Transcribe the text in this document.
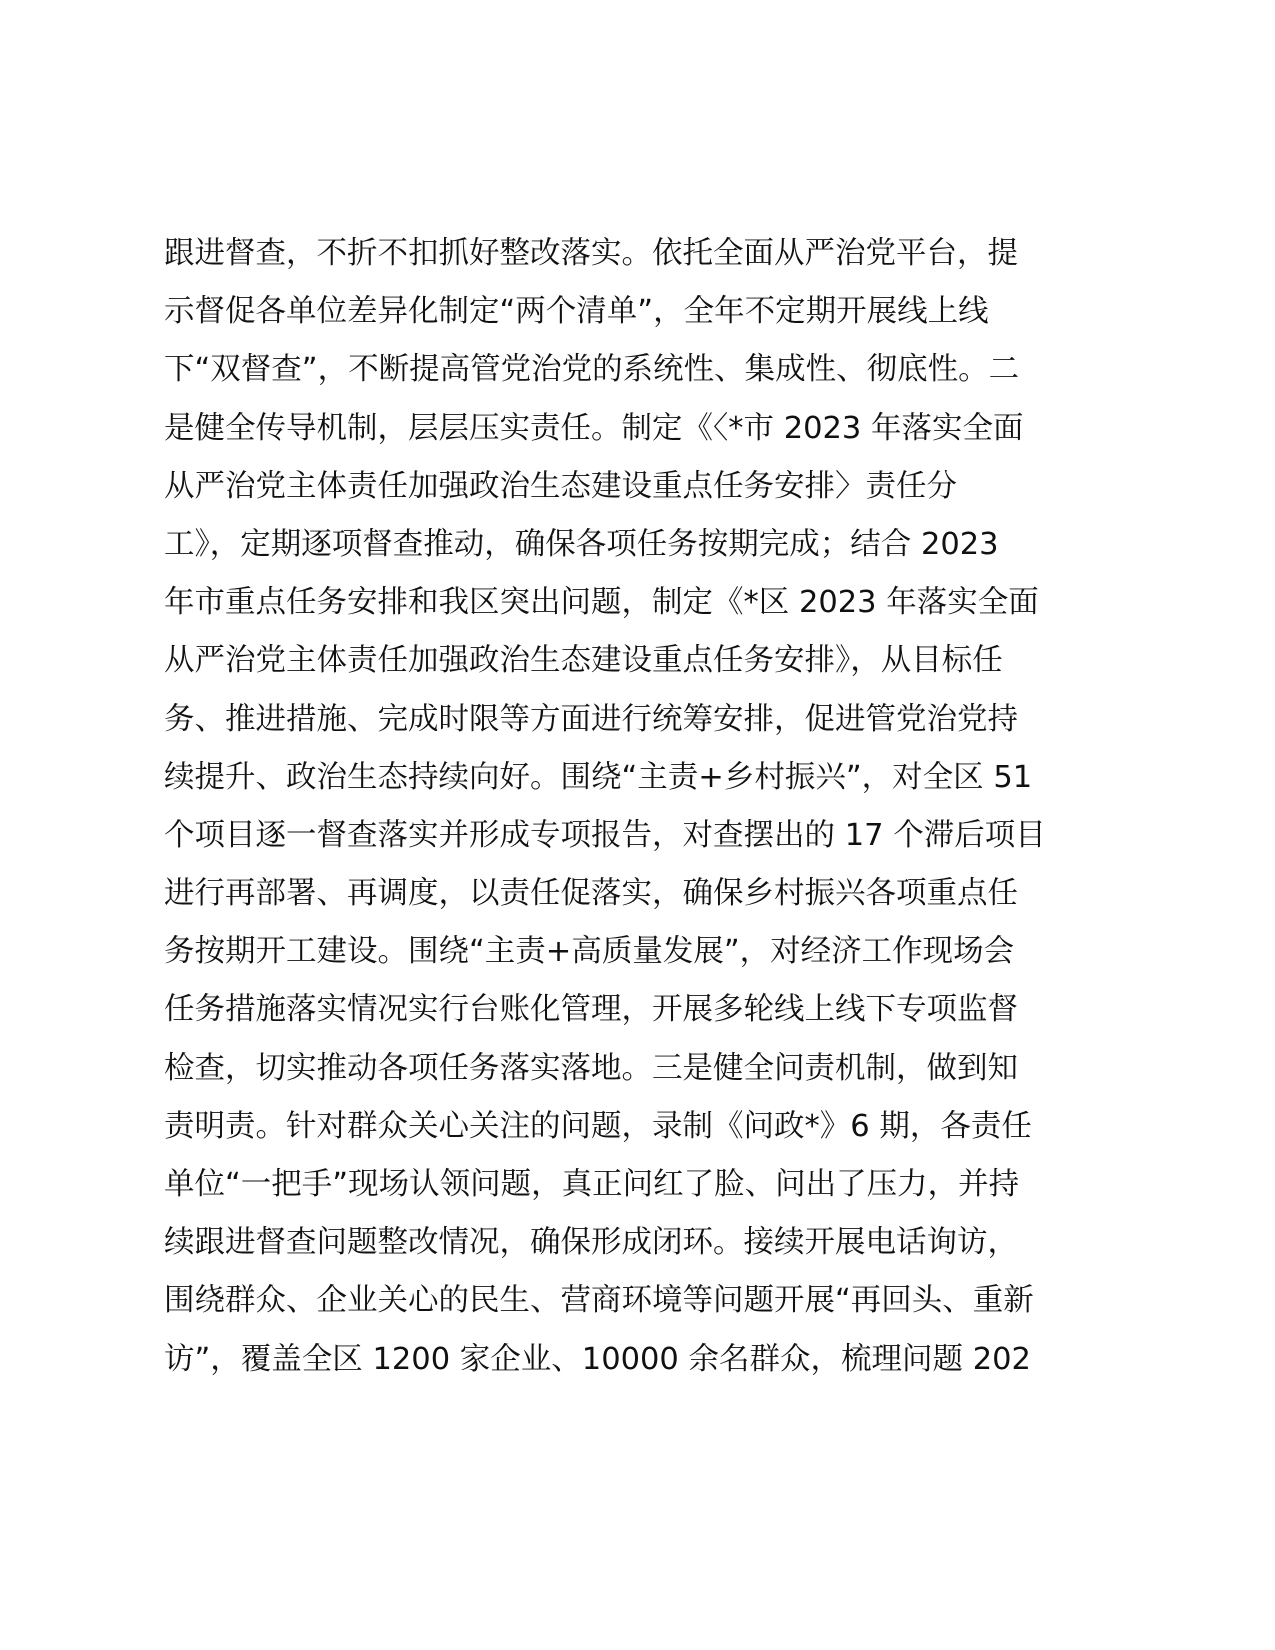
跟进督查，不折不扣抓好整改落实。依托全面从严治党平台，提
示督促各单位差异化制定“两个清单”，全年不定期开展线上线
下“双督查”，不断提高管党治党的系统性、集成性、彻底性。二
是健全传导机制，层层压实责任。制定《〈*市 2023 年落实全面
从严治党主体责任加强政治生态建设重点任务安排〉责任分
工》，定期逐项督查推动，确保各项任务按期完成；结合 2023
年市重点任务安排和我区突出问题，制定《*区 2023 年落实全面
从严治党主体责任加强政治生态建设重点任务安排》，从目标任
务、推进措施、完成时限等方面进行统筹安排，促进管党治党持
续提升、政治生态持续向好。围绕“主责+乡村振兴”，对全区 51
个项目逐一督查落实并形成专项报告，对查摆出的 17 个滞后项目
进行再部署、再调度，以责任促落实，确保乡村振兴各项重点任
务按期开工建设。围绕“主责+高质量发展”，对经济工作现场会
任务措施落实情况实行台账化管理，开展多轮线上线下专项监督
检查，切实推动各项任务落实落地。三是健全问责机制，做到知
责明责。针对群众关心关注的问题，录制《问政*》6 期，各责任
单位“一把手”现场认领问题，真正问红了脸、问出了压力，并持
续跟进督查问题整改情况，确保形成闭环。接续开展电话询访，
围绕群众、企业关心的民生、营商环境等问题开展“再回头、重新
访”，覆盖全区 1200 家企业、10000 余名群众，梳理问题 202
